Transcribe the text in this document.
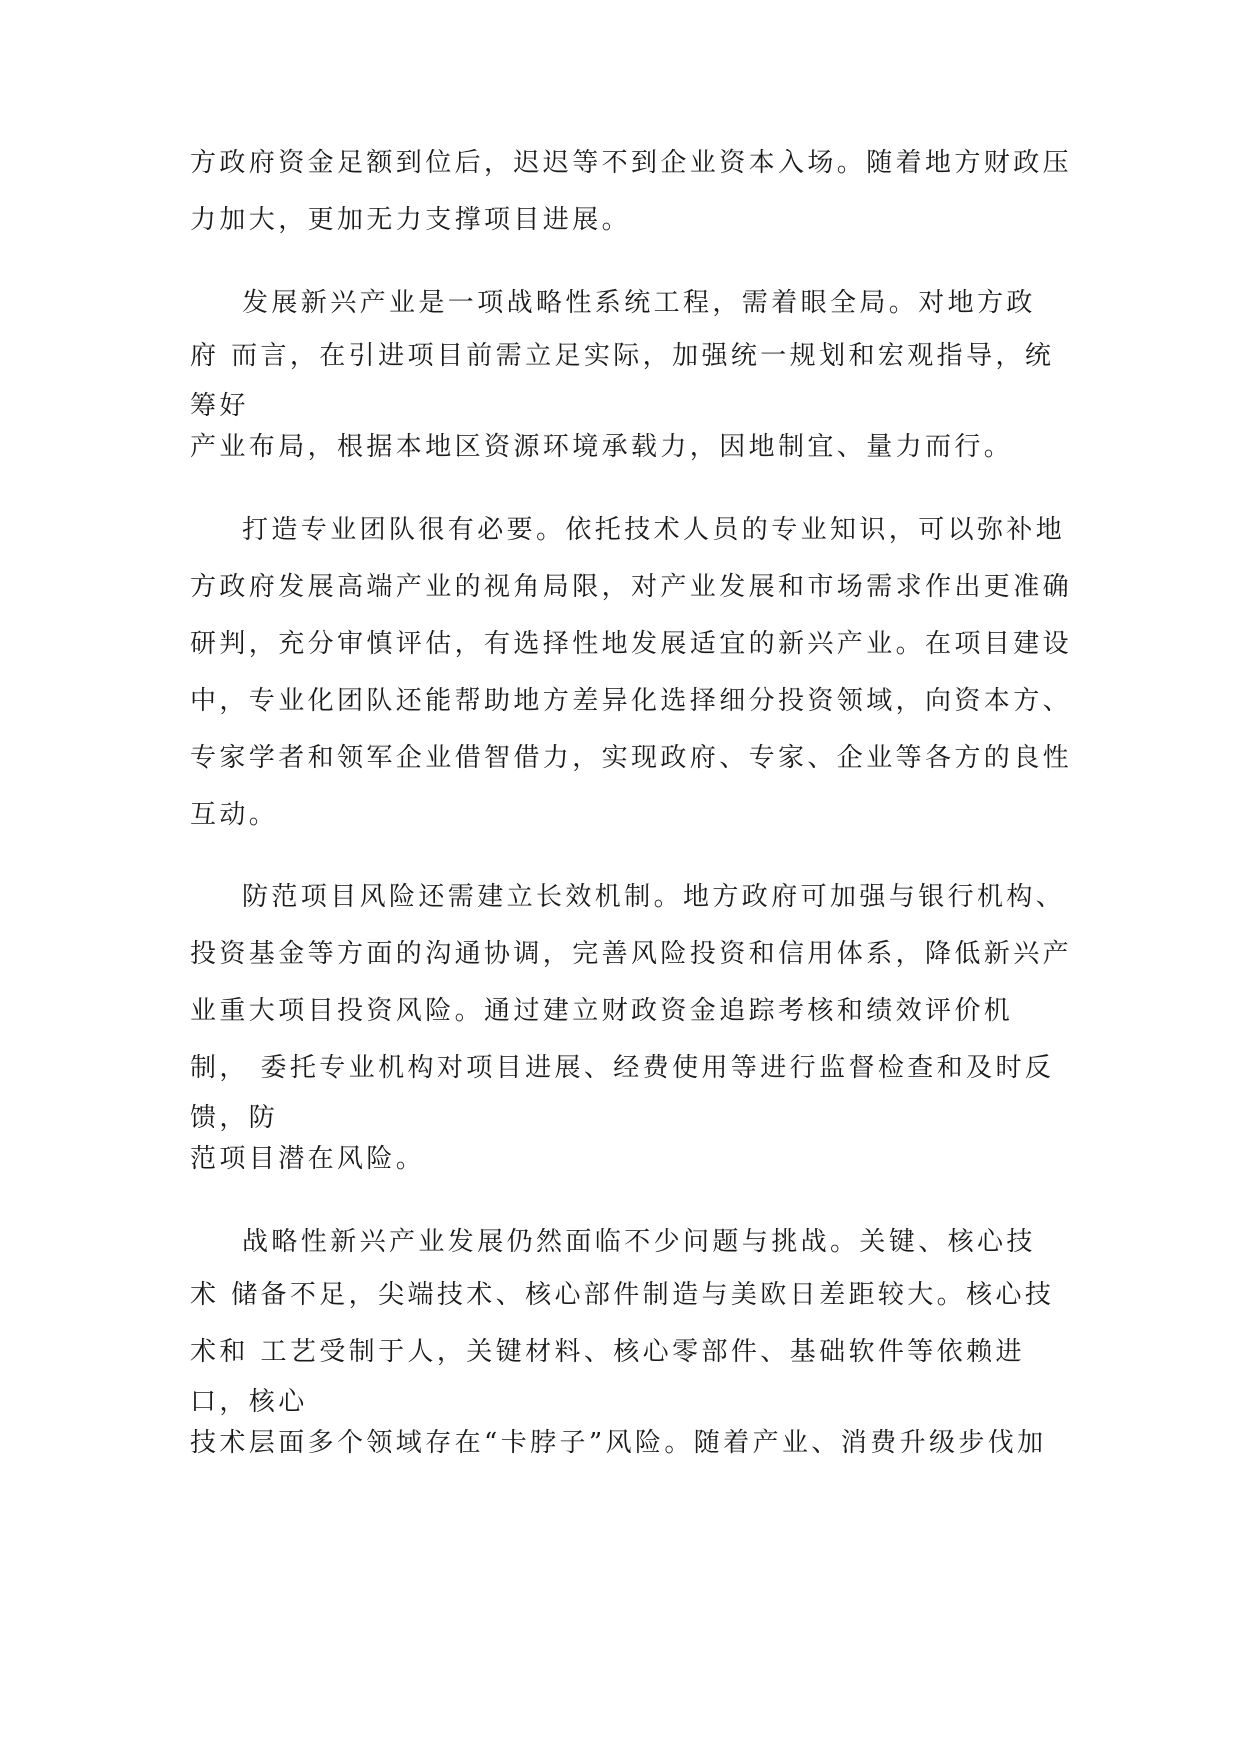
方政府资金足额到位后，迟迟等不到企业资本入场。随着地方财政压
力加大，更加无力支撑项目进展。
发展新兴产业是一项战略性系统工程，需着眼全局。对地方政
府 而言，在引进项目前需立足实际，加强统一规划和宏观指导，统
筹好
产业布局，根据本地区资源环境承载力，因地制宜、量力而行。
打造专业团队很有必要。依托技术人员的专业知识，可以弥补地
方政府发展高端产业的视角局限，对产业发展和市场需求作出更准确
研判，充分审慎评估，有选择性地发展适宜的新兴产业。在项目建设
中，专业化团队还能帮助地方差异化选择细分投资领域，向资本方、
专家学者和领军企业借智借力，实现政府、专家、企业等各方的良性
互动。
防范项目风险还需建立长效机制。地方政府可加强与银行机构、
投资基金等方面的沟通协调，完善风险投资和信用体系，降低新兴产
业重大项目投资风险。通过建立财政资金追踪考核和绩效评价机
制， 委托专业机构对项目进展、经费使用等进行监督检查和及时反
馈，防
范项目潜在风险。
战略性新兴产业发展仍然面临不少问题与挑战。关键、核心技
术 储备不足，尖端技术、核心部件制造与美欧日差距较大。核心技
术和 工艺受制于人，关键材料、核心零部件、基础软件等依赖进
口，核心
技术层面多个领域存在“卡脖子”风险。随着产业、消费升级步伐加
